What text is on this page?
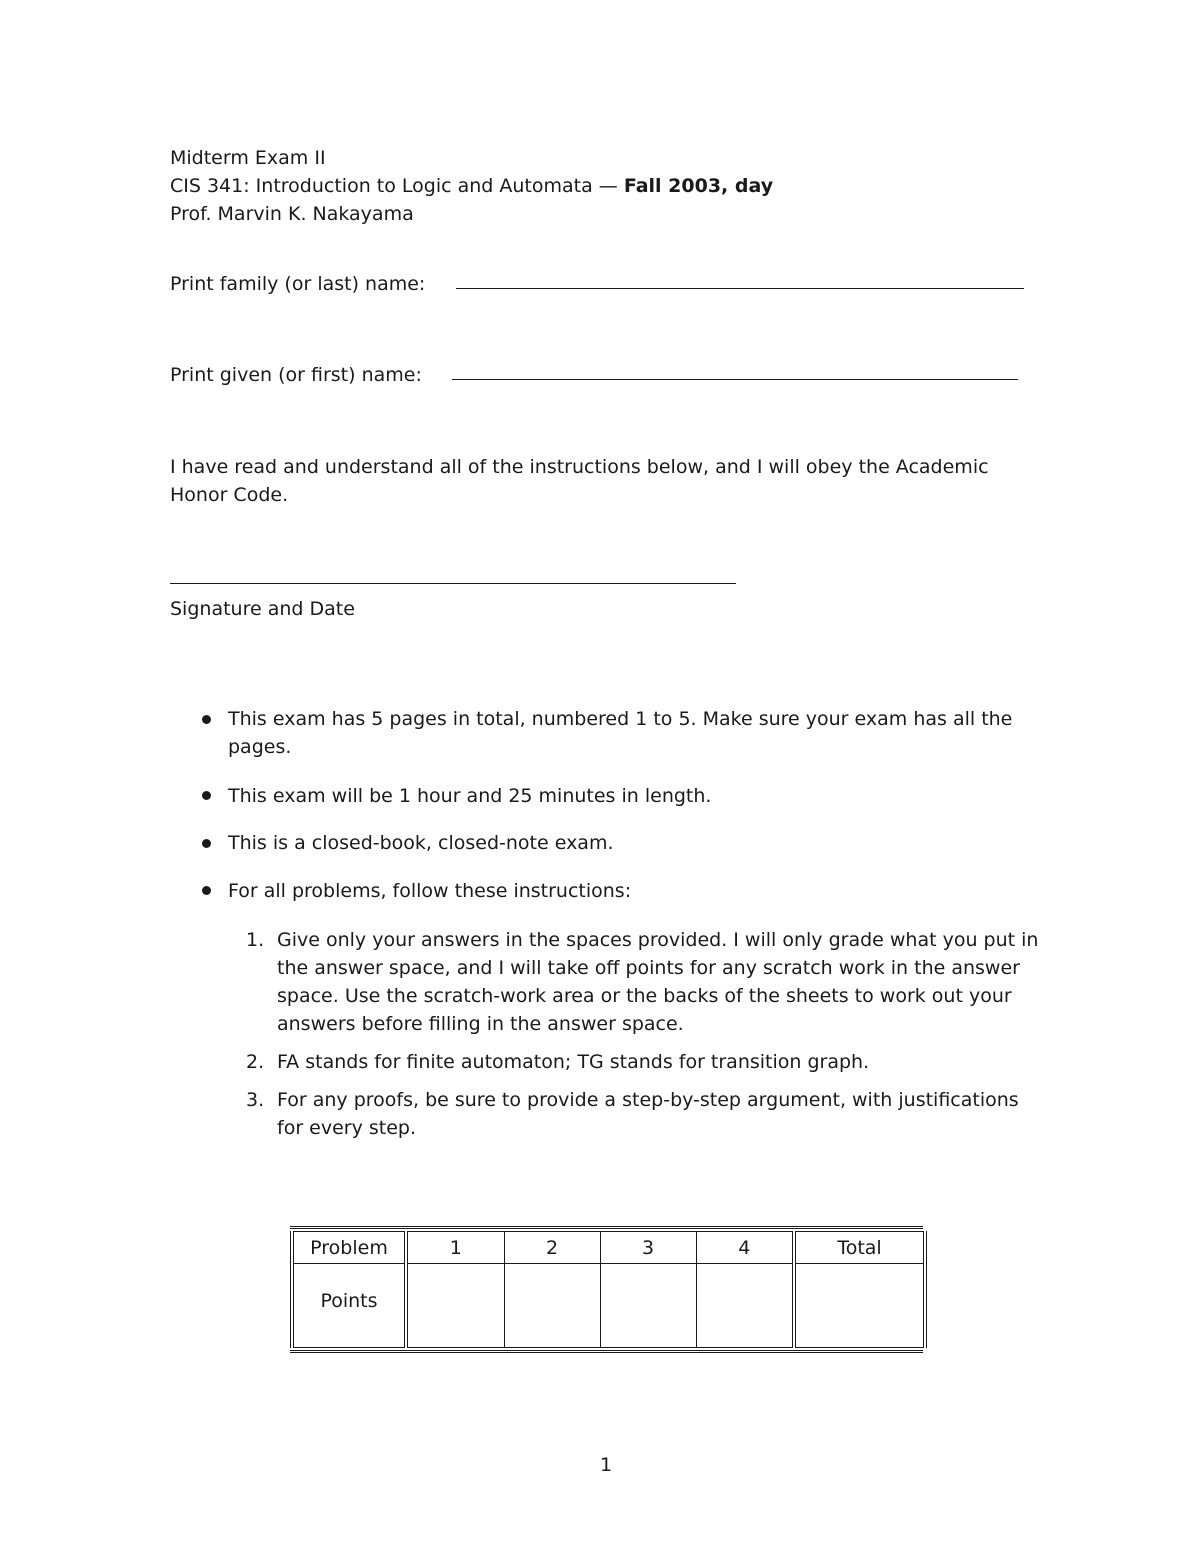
Midterm Exam II
CIS 341: Introduction to Logic and Automata — Fall 2003, day
Prof. Marvin K. Nakayama
Print family (or last) name:
Print given (or first) name:
I have read and understand all of the instructions below, and I will obey the Academic Honor Code.
Signature and Date
This exam has 5 pages in total, numbered 1 to 5. Make sure your exam has all the pages.
This exam will be 1 hour and 25 minutes in length.
This is a closed-book, closed-note exam.
For all problems, follow these instructions:
1. Give only your answers in the spaces provided. I will only grade what you put in the answer space, and I will take off points for any scratch work in the answer space. Use the scratch-work area or the backs of the sheets to work out your answers before filling in the answer space.
2. FA stands for finite automaton; TG stands for transition graph.
3. For any proofs, be sure to provide a step-by-step argument, with justifications for every step.
Problem	1	2	3	4	Total
Points					
1
